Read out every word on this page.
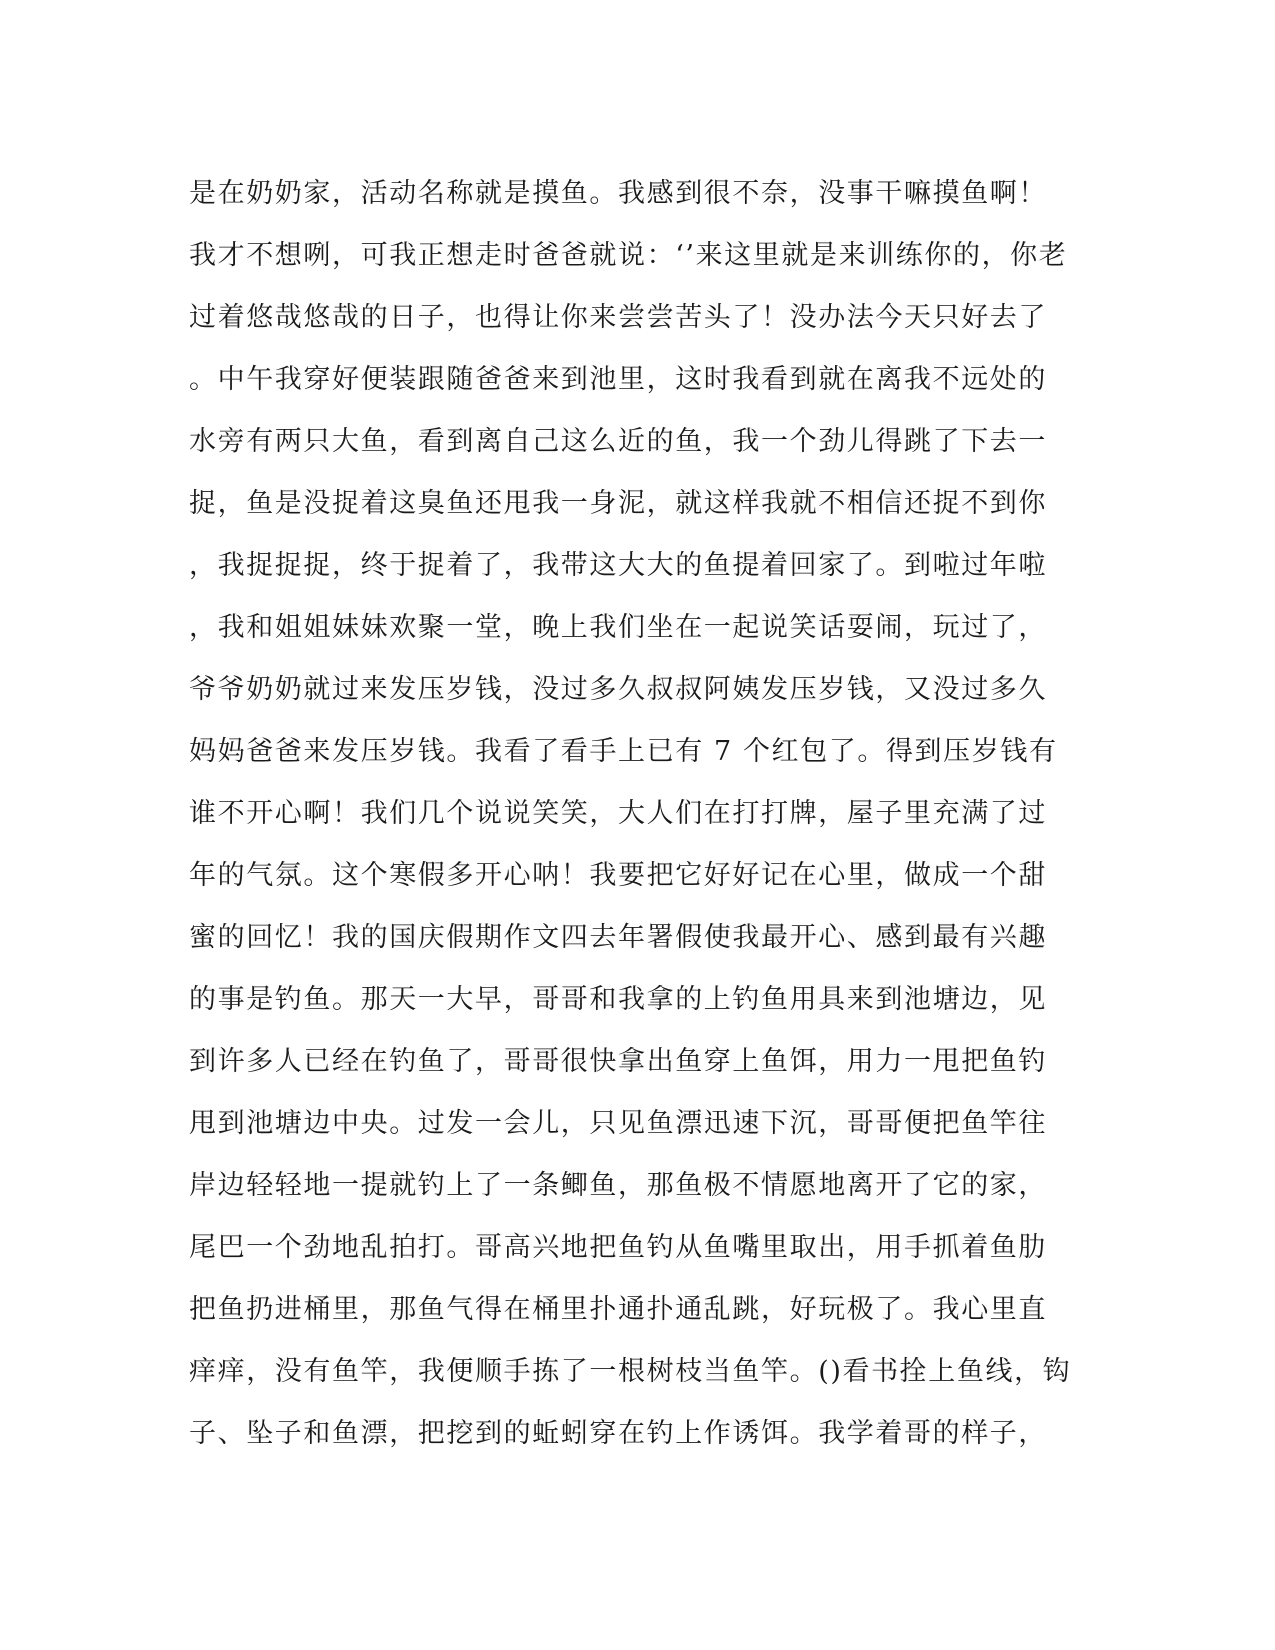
是在奶奶家，活动名称就是摸鱼。我感到很不奈，没事干嘛摸鱼啊！
我才不想咧，可我正想走时爸爸就说：‘’来这里就是来训练你的，你老
过着悠哉悠哉的日子，也得让你来尝尝苦头了！没办法今天只好去了
。中午我穿好便装跟随爸爸来到池里，这时我看到就在离我不远处的
水旁有两只大鱼，看到离自己这么近的鱼，我一个劲儿得跳了下去一
捉，鱼是没捉着这臭鱼还甩我一身泥，就这样我就不相信还捉不到你
，我捉捉捉，终于捉着了，我带这大大的鱼提着回家了。到啦过年啦
，我和姐姐妹妹欢聚一堂，晚上我们坐在一起说笑话耍闹，玩过了，
爷爷奶奶就过来发压岁钱，没过多久叔叔阿姨发压岁钱，又没过多久
妈妈爸爸来发压岁钱。我看了看手上已有 7 个红包了。得到压岁钱有
谁不开心啊！我们几个说说笑笑，大人们在打打牌，屋子里充满了过
年的气氛。这个寒假多开心呐！我要把它好好记在心里，做成一个甜
蜜的回忆！我的国庆假期作文四去年署假使我最开心、感到最有兴趣
的事是钓鱼。那天一大早，哥哥和我拿的上钓鱼用具来到池塘边，见
到许多人已经在钓鱼了，哥哥很快拿出鱼穿上鱼饵，用力一甩把鱼钓
甩到池塘边中央。过发一会儿，只见鱼漂迅速下沉，哥哥便把鱼竿往
岸边轻轻地一提就钓上了一条鲫鱼，那鱼极不情愿地离开了它的家，
尾巴一个劲地乱拍打。哥高兴地把鱼钓从鱼嘴里取出，用手抓着鱼肋
把鱼扔进桶里，那鱼气得在桶里扑通扑通乱跳，好玩极了。我心里直
痒痒，没有鱼竿，我便顺手拣了一根树枝当鱼竿。()看书拴上鱼线，钩
子、坠子和鱼漂，把挖到的蚯蚓穿在钓上作诱饵。我学着哥的样子，
